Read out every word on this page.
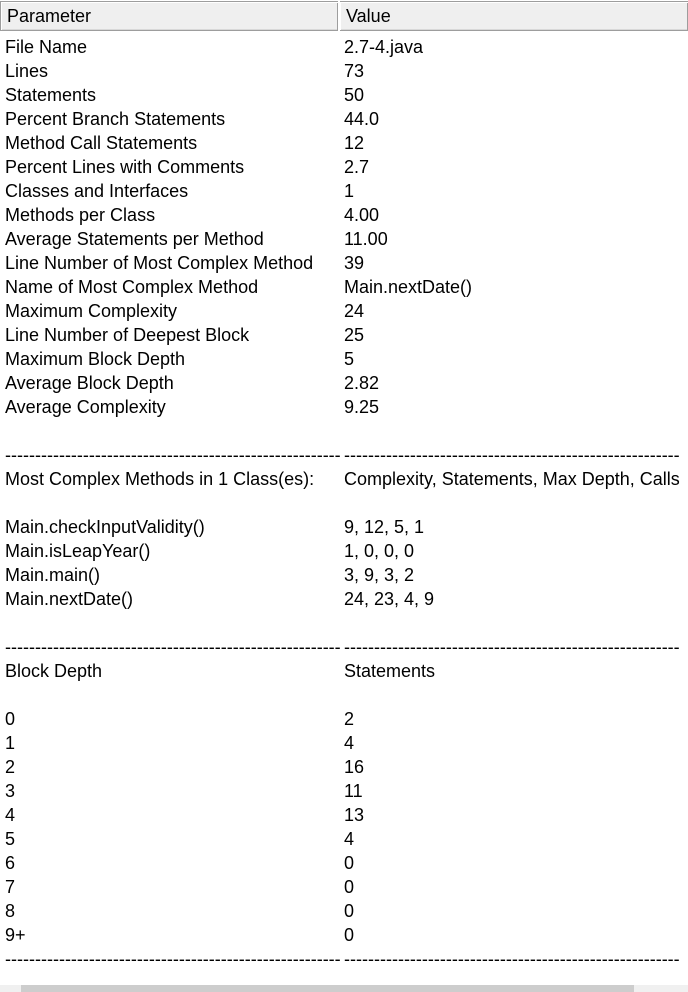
Parameter	Value
File Name	2.7-4.java
Lines	73
Statements	50
Percent Branch Statements	44.0
Method Call Statements	12
Percent Lines with Comments	2.7
Classes and Interfaces	1
Methods per Class	4.00
Average Statements per Method	11.00
Line Number of Most Complex Method	39
Name of Most Complex Method	Main.nextDate()
Maximum Complexity	24
Line Number of Deepest Block	25
Maximum Block Depth	5
Average Block Depth	2.82
Average Complexity	9.25
-------------------------------------------------------- --------------------------------------------------------
Most Complex Methods in 1 Class(es):	Complexity, Statements, Max Depth, Calls
Main.checkInputValidity()	9, 12, 5, 1
Main.isLeapYear()	1, 0, 0, 0
Main.main()	3, 9, 3, 2
Main.nextDate()	24, 23, 4, 9
-------------------------------------------------------- --------------------------------------------------------
Block Depth	Statements
0	2
1	4
2	16
3	11
4	13
5	4
6	0
7	0
8	0
9+	0
-------------------------------------------------------- --------------------------------------------------------
